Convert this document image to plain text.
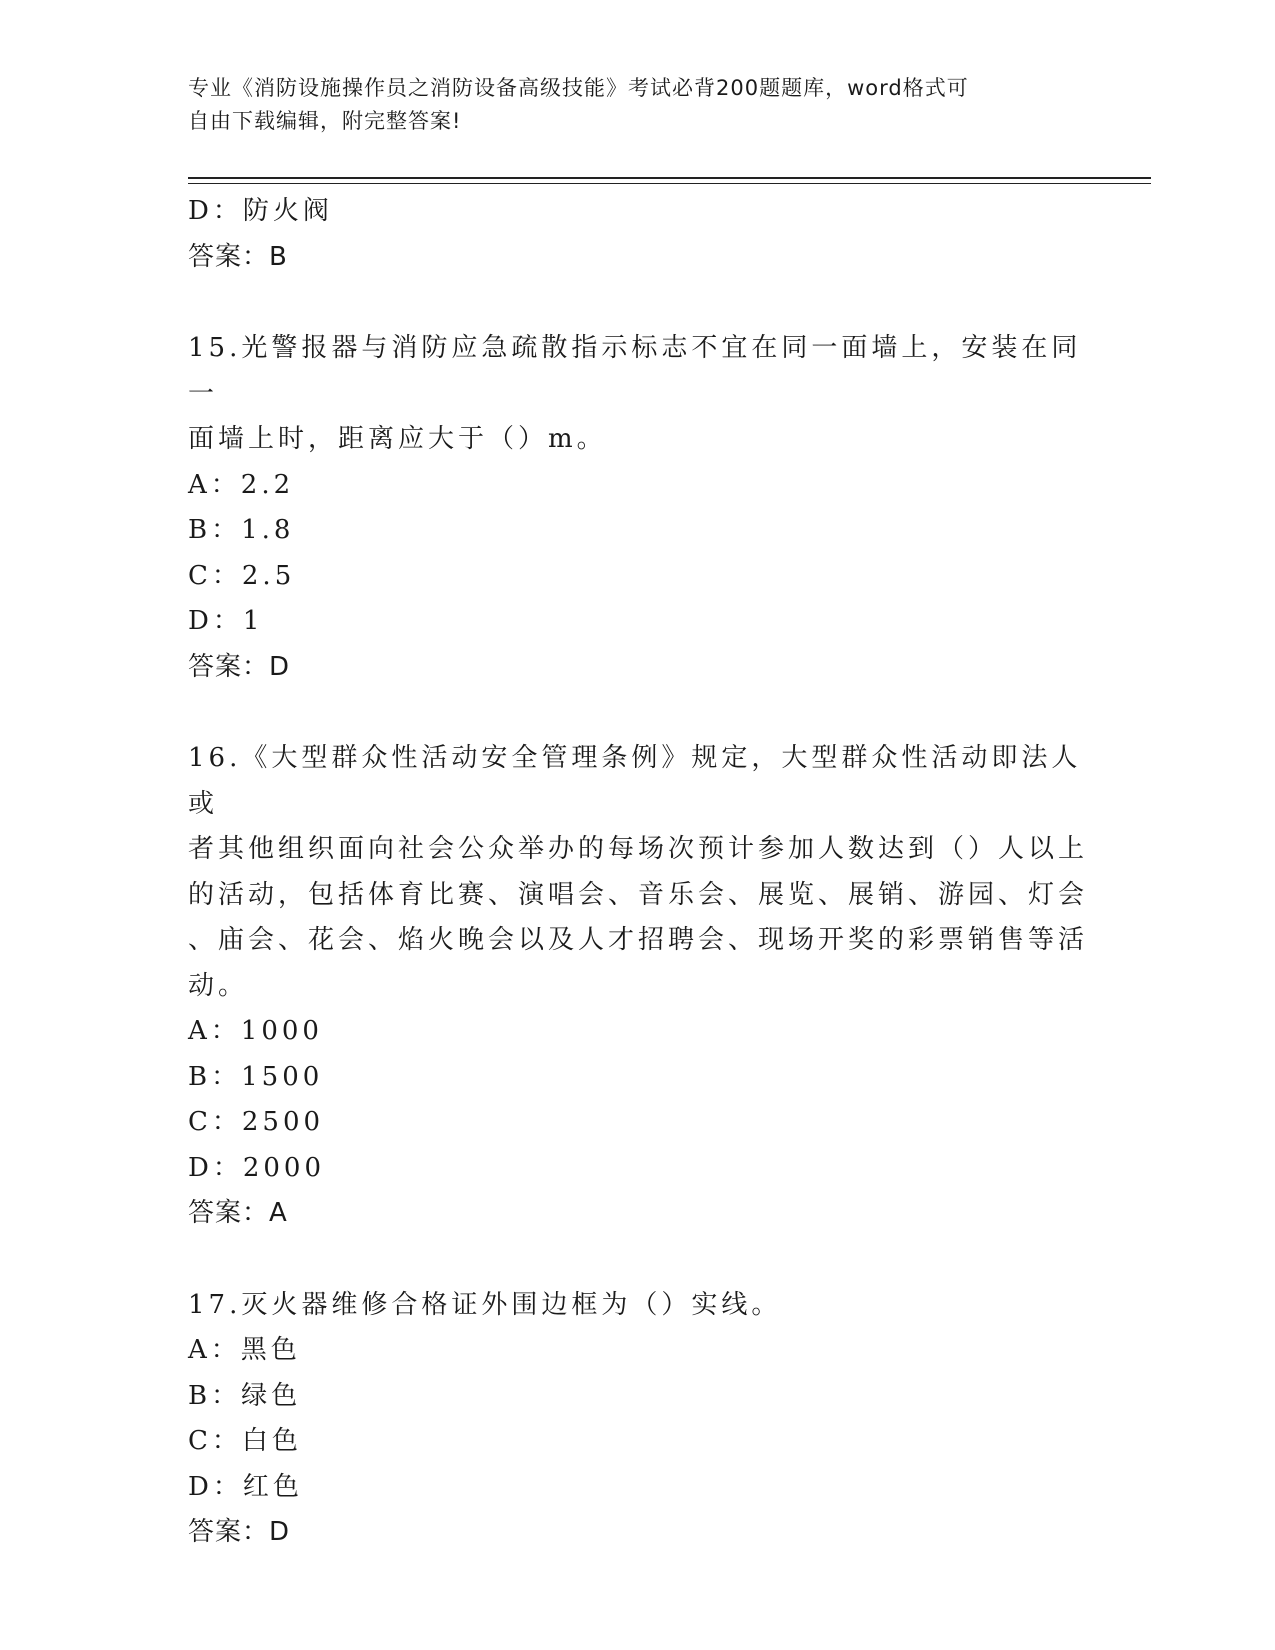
专业《消防设施操作员之消防设备高级技能》考试必背200题题库，word格式可
自由下载编辑，附完整答案!

D：防火阀

答案：B

15.光警报器与消防应急疏散指示标志不宜在同一面墙上，安装在同一

面墙上时，距离应大于（）m。

A：2.2

B：1.8

C：2.5

D：1

答案：D

16.《大型群众性活动安全管理条例》规定，大型群众性活动即法人或

者其他组织面向社会公众举办的每场次预计参加人数达到（）人以上

的活动，包括体育比赛、演唱会、音乐会、展览、展销、游园、灯会

、庙会、花会、焰火晚会以及人才招聘会、现场开奖的彩票销售等活

动。

A：1000

B：1500

C：2500

D：2000

答案：A

17.灭火器维修合格证外围边框为（）实线。

A：黑色

B：绿色

C：白色

D：红色

答案：D
